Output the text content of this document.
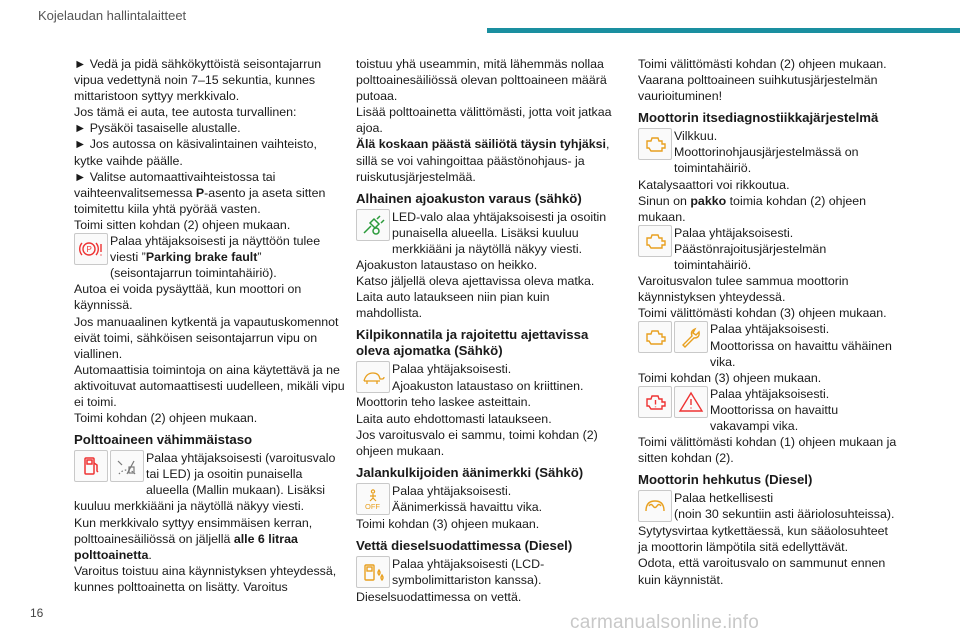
Kojelaudan hallintalaitteet
► Vedä ja pidä sähkökyttöistä seisontajarrun vipua vedettynä noin 7–15 sekuntia, kunnes mittaristoon syttyy merkkivalo.
Jos tämä ei auta, tee autosta turvallinen:
► Pysäköi tasaiselle alustalle.
► Jos autossa on käsivalintainen vaihteisto, kytke vaihde päälle.
► Valitse automaattivaihteistossa tai vaihteenvalitsemessa P-asento ja aseta sitten toimitettu kiila yhtä pyörää vasten.
Toimi sitten kohdan (2) ohjeen mukaan.
P
Palaa yhtäjaksoisesti ja näyttöön tulee viesti ”Parking brake fault” (seisontajarrun toimintahäiriö).
Autoa ei voida pysäyttää, kun moottori on käynnissä.
Jos manuaalinen kytkentä ja vapautuskomennot eivät toimi, sähköisen seisontajarrun vipu on viallinen.
Automaattisia toimintoja on aina käytettävä ja ne aktivoituvat automaattisesti uudelleen, mikäli vipu ei toimi.
Toimi kohdan (2) ohjeen mukaan.
Polttoaineen vähimmäistaso
Palaa yhtäjaksoisesti (varoitusvalo tai LED) ja osoitin punaisella alueella (Mallin mukaan). Lisäksi kuuluu merkkiääni ja näytöllä näkyy viesti.
Kun merkkivalo syttyy ensimmäisen kerran, polttoainesäiliössä on jäljellä alle 6 litraa polttoainetta.
Varoitus toistuu aina käynnistyksen yhteydessä, kunnes polttoainetta on lisätty. Varoitus
toistuu yhä useammin, mitä lähemmäs nollaa polttoainesäiliössä olevan polttoaineen määrä putoaa.
Lisää polttoainetta välittömästi, jotta voit jatkaa ajoa.
Älä koskaan päästä säiliötä täysin tyhjäksi, sillä se voi vahingoittaa päästönohjaus- ja ruiskutusjärjestelmää.
Alhainen ajoakuston varaus (sähkö)
LED-valo alaa yhtäjaksoisesti ja osoitin punaisella alueella. Lisäksi kuuluu merkkiääni ja näytöllä näkyy viesti.
Ajoakuston lataustaso on heikko.
Katso jäljellä oleva ajettavissa oleva matka.
Laita auto lataukseen niin pian kuin mahdollista.
Kilpikonnatila ja rajoitettu ajettavissa oleva ajomatka (Sähkö)
Palaa yhtäjaksoisesti.
Ajoakuston lataustaso on kriittinen.
Moottorin teho laskee asteittain.
Laita auto ehdottomasti lataukseen.
Jos varoitusvalo ei sammu, toimi kohdan (2) ohjeen mukaan.
Jalankulkijoiden äänimerkki (Sähkö)
OFF
Palaa yhtäjaksoisesti.
Äänimerkissä havaittu vika.
Toimi kohdan (3) ohjeen mukaan.
Vettä dieselsuodattimessa (Diesel)
Palaa yhtäjaksoisesti (LCD-symbolimittariston kanssa).
Dieselsuodattimessa on vettä.
Toimi välittömästi kohdan (2) ohjeen mukaan.
Vaarana polttoaineen suihkutusjärjestelmän vaurioituminen!
Moottorin itsediagnostiikkajärjestelmä
Vilkkuu.
Moottorinohjausjärjestelmässä on toimintahäiriö.
Katalysaattori voi rikkoutua.
Sinun on pakko toimia kohdan (2) ohjeen mukaan.
Palaa yhtäjaksoisesti.
Päästönrajoitusjärjestelmän toimintahäiriö.
Varoitusvalon tulee sammua moottorin käynnistyksen yhteydessä.
Toimi välittömästi kohdan (3) ohjeen mukaan.
Palaa yhtäjaksoisesti.
Moottorissa on havaittu vähäinen vika.
Toimi kohdan (3) ohjeen mukaan.
Palaa yhtäjaksoisesti.
Moottorissa on havaittu vakavampi vika.
Toimi välittömästi kohdan (1) ohjeen mukaan ja sitten kohdan (2).
Moottorin hehkutus (Diesel)
Palaa hetkellisesti
(noin 30 sekuntiin asti ääriolosuhteissa).
Sytytysvirtaa kytkettäessä, kun sääolosuhteet ja moottorin lämpötila sitä edellyttävät.
Odota, että varoitusvalo on sammunut ennen kuin käynnistät.
16	carmanualsonline.info
